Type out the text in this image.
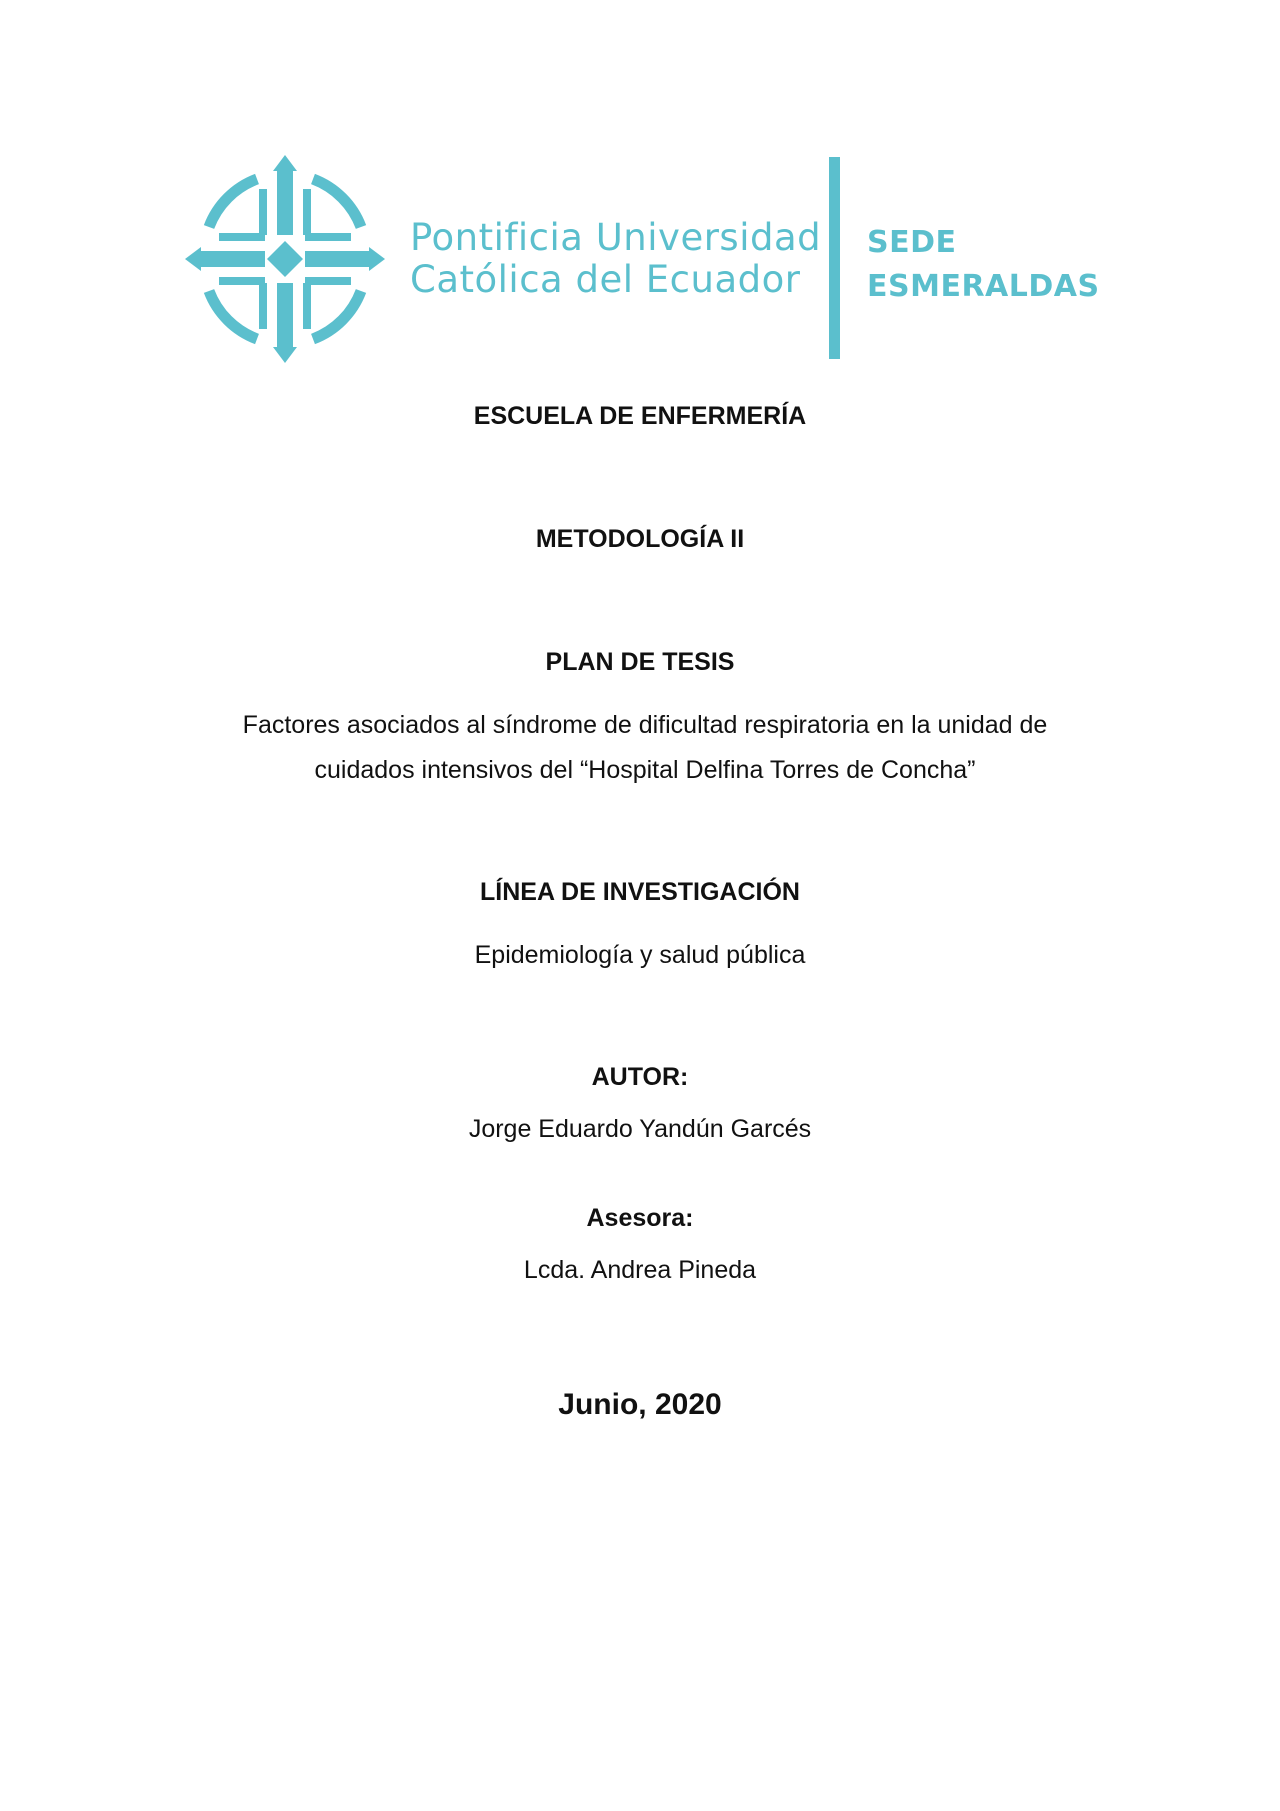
Pontificia Universidad
Católica del Ecuador
SEDE
ESMERALDAS
ESCUELA DE ENFERMERÍA
METODOLOGÍA II
PLAN DE TESIS
Factores asociados al síndrome de dificultad respiratoria en la unidad de
cuidados intensivos del “Hospital Delfina Torres de Concha”
LÍNEA DE INVESTIGACIÓN
Epidemiología y salud pública
AUTOR:
Jorge Eduardo Yandún Garcés
Asesora:
Lcda. Andrea Pineda
Junio, 2020
